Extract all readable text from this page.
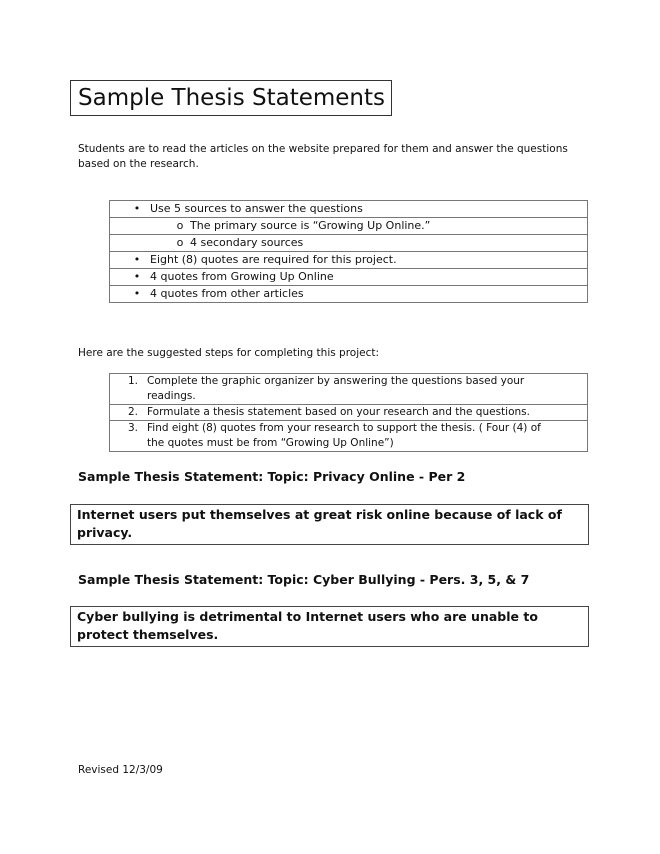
Sample Thesis Statements
Students are to read the articles on the website prepared for them and answer the questions based on the research.
• Use 5 sources to answer the questions
o The primary source is “Growing Up Online.”
o 4 secondary sources
• Eight (8) quotes are required for this project.
• 4 quotes from Growing Up Online
• 4 quotes from other articles
Here are the suggested steps for completing this project:
1. Complete the graphic organizer by answering the questions based your readings.
2. Formulate a thesis statement based on your research and the questions.
3. Find eight (8) quotes from your research to support the thesis. ( Four (4) of the quotes must be from “Growing Up Online”)
Sample Thesis Statement: Topic: Privacy Online - Per 2
Internet users put themselves at great risk online because of lack of privacy.
Sample Thesis Statement: Topic: Cyber Bullying - Pers. 3, 5, & 7
Cyber bullying is detrimental to Internet users who are unable to protect themselves.
Revised 12/3/09
